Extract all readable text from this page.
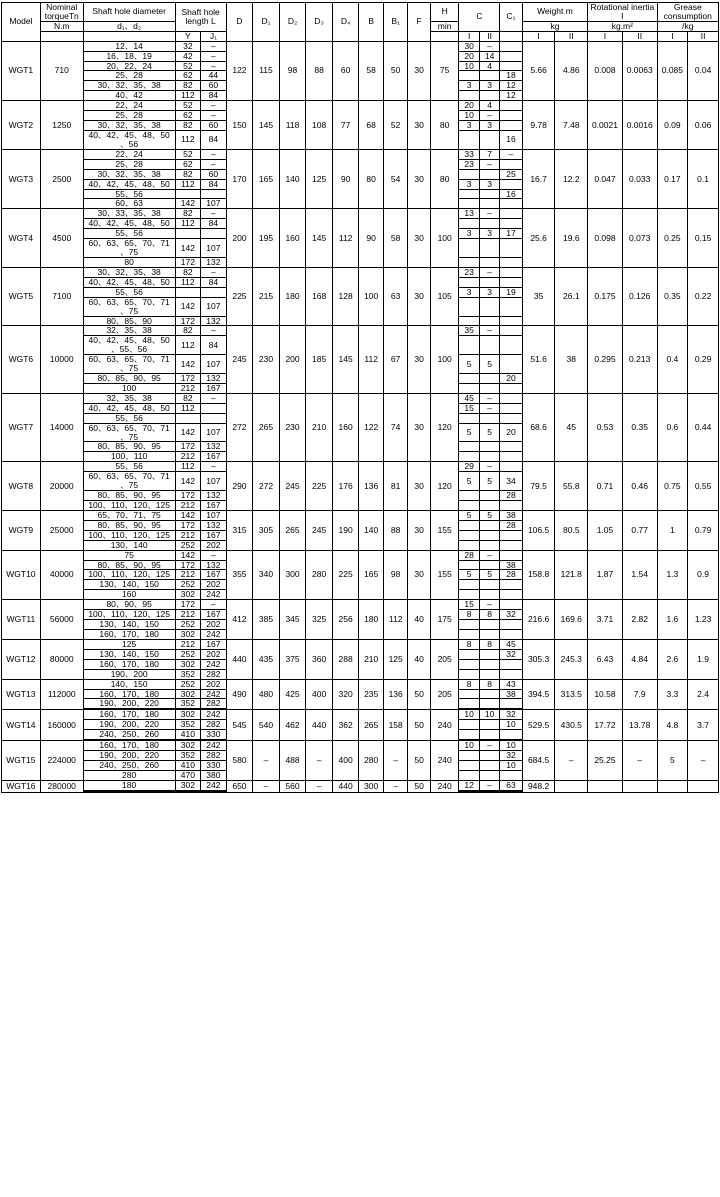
Model	Nominal torqueTn	Shaft hole diameter	Shaft hole length L		D	D₁	D₂	D₃	D₄	B	B₁	F	H	C		C₁	Weight m		Rotational inertia I		Grease consumption	
	N.m	d₁、d₂											min				kg		kg.m²		/kg	
			Y	J₁										I	II		I	II	I	II	I	II
WGT1	710	12、14	32	–	122	115	98	88	60	58	50	30	75	30	–		5.66	4.86	0.008	0.0063	0.085	0.04
		16、18、19	42	–										20	14							
		20、22、24	52	–										10	4							
		25、28	62	44												18						
		30、32、35、38	82	60										3	3	12						
		40、42	112	84												12						
WGT2	1250	22、24	52	–	150	145	118	108	77	68	52	30	80	20	4		9.78	7.48	0.0021	0.0016	0.09	0.06
		25、28	62	–										10	–							
		30、32、35、38	82	60										3	3							
		40、42、45、48、50 、56	112	84												16						
WGT3	2500	22、24	52	–	170	165	140	125	90	80	54	30	80	33	7	–	16.7	12.2	0.047	0.033	0.17	0.1
		25、28	62	–										23	–							
		30、32、35、38	82	60												25						
		40、42、45、48、50	112	84										3	3							
		55、56														16						
		60、63	142	107																		
WGT4	4500	30、33、35、38	82	–	200	195	160	145	112	90	58	30	100	13	–		25.6	19.6	0.098	0.073	0.25	0.15
		40、42、45、48、50	112	84																		
		55、56												3	3	17						
		60、63、65、70、71 、75	142	107																		
		80	172	132																		
WGT5	7100	30、32、35、38	82	–	225	215	180	168	128	100	63	30	105	23	–		35	26.1	0.175	0.126	0.35	0.22
		40、42、45、48、50	112	84																		
		55、56												3	3	19						
		60、63、65、70、71 、75	142	107																		
		80、85、90	172	132																		
WGT6	10000	32、35、38	82	–	245	230	200	185	145	112	67	30	100	35	–		51.6	38	0.295	0.213	0.4	0.29
		40、42、45、48、50 、55、56	112	84																		
		60、63、65、70、71 、75	142	107										5	5							
		80、85、90、95	172	132												20						
		100	212	167																		
WGT7	14000	32、35、38	82	–	272	265	230	210	160	122	74	30	120	45	–		68.6	45	0.53	0.35	0.6	0.44
		40、42、45、48、50	112											15	–							
		55、56																				
		60、63、65、70、71 、75	142	107										5	5	20						
		80、85、90、95	172	132																		
		100、110	212	167																		
WGT8	20000	55、56	112	–	290	272	245	225	176	136	81	30	120	29	–		79.5	55.8	0.71	0.46	0.75	0.55
		60、63、65、70、71 、75	142	107										5	5	34						
		80、85、90、95	172	132												28						
		100、110、120、125	212	167																		
WGT9	25000	65、70、71、75	142	107	315	305	265	245	190	140	88	30	155	5	5	38	106.5	80.5	1.05	0.77	1	0.79
		80、85、90、95	172	132												28						
		100、110、120、125	212	167																		
		130、140	252	202																		
WGT10	40000	75	142	–	355	340	300	280	225	165	98	30	155	28	–		158.8	121.8	1.87	1.54	1.3	0.9
		80、85、90、95	172	132												38						
		100、110、120、125	212	167										5	5	28						
		130、140、150	252	202																		
		160	302	242																		
WGT11	56000	80、90、95	172	–	412	385	345	325	256	180	112	40	175	15	–		216.6	169.6	3.71	2.82	1.6	1.23
		100、110、120、125	212	167										8	8	32						
		130、140、150	252	202																		
		160、170、180	302	242																		
WGT12	80000	125	212	167	440	435	375	360	288	210	125	40	205	8	8	45	305.3	245.3	6.43	4.84	2.6	1.9
		130、140、150	252	202												32						
		160、170、180	302	242																		
		190、200	352	282																		
WGT13	112000	140、150	252	202	490	480	425	400	320	235	136	50	205	8	8	43	394.5	313.5	10.58	7.9	3.3	2.4
		160、170、180	302	242												38						
		190、200、220	352	282																		

WGT14	160000	160、170、180	302	242	545	540	462	440	362	265	158	50	240	10	10	32	529.5	430.5	17.72	13.78	4.8	3.7
		190、200、220	352	282												10						
		240、250、260	410	330																		

WGT15	224000	160、170、180	302	242	580	–	488	–	400	280	–	50	240	10	–	10	684.5	–	25.25	–	5	–
		190、200、220	352	282												32						
		240、250、260	410	330												10						
		280	470	380																		
WGT16	280000	180	302	242	650	–	560	–	440	300	–	50	240	12	–	63	948.2					
